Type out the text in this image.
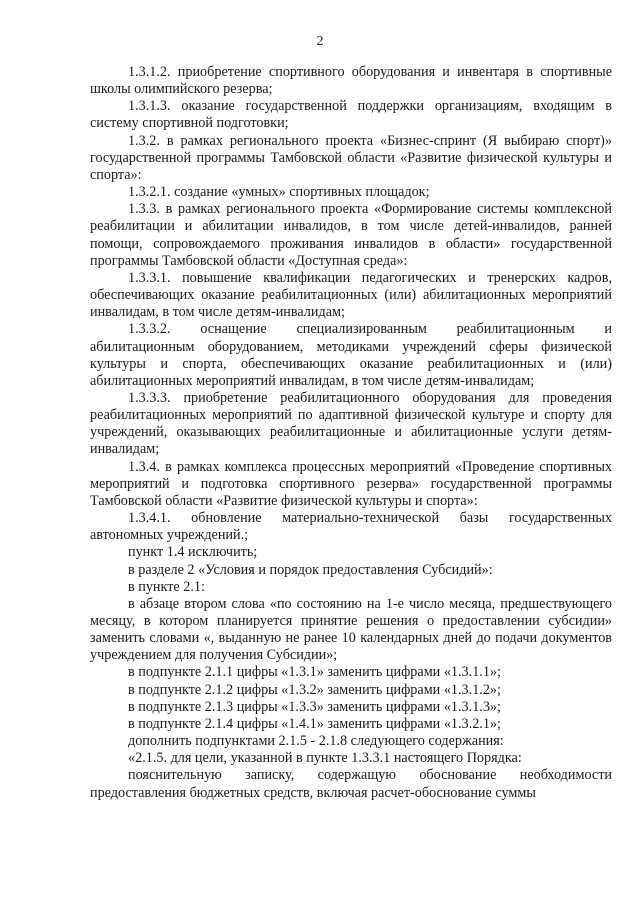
2

1.3.1.2. приобретение спортивного оборудования и инвентаря в спортивные школы олимпийского резерва;

1.3.1.3. оказание государственной поддержки организациям, входящим в систему спортивной подготовки;

1.3.2. в рамках регионального проекта «Бизнес-спринт (Я выбираю спорт)» государственной программы Тамбовской области «Развитие физической культуры и спорта»:

1.3.2.1. создание «умных» спортивных площадок;

1.3.3. в рамках регионального проекта «Формирование системы комплексной реабилитации и абилитации инвалидов, в том числе детей-инвалидов, ранней помощи, сопровождаемого проживания инвалидов в области» государственной программы Тамбовской области «Доступная среда»:

1.3.3.1. повышение квалификации педагогических и тренерских кадров, обеспечивающих оказание реабилитационных (или) абилитационных мероприятий инвалидам, в том числе детям-инвалидам;

1.3.3.2. оснащение специализированным реабилитационным и абилитационным оборудованием, методиками учреждений сферы физической культуры и спорта, обеспечивающих оказание реабилитационных и (или) абилитационных мероприятий инвалидам, в том числе детям-инвалидам;

1.3.3.3. приобретение реабилитационного оборудования для проведения реабилитационных мероприятий по адаптивной физической культуре и спорту для учреждений, оказывающих реабилитационные и абилитационные услуги детям-инвалидам;

1.3.4. в рамках комплекса процессных мероприятий «Проведение спортивных мероприятий и подготовка спортивного резерва» государственной программы Тамбовской области «Развитие физической культуры и спорта»:

1.3.4.1. обновление материально-технической базы государственных автономных учреждений.;

пункт 1.4 исключить;

в разделе 2 «Условия и порядок предоставления Субсидий»:

в пункте 2.1:

в абзаце втором слова «по состоянию на 1-е число месяца, предшествующего месяцу, в котором планируется принятие решения о предоставлении субсидии» заменить словами «, выданную не ранее 10 календарных дней до подачи документов учреждением для получения Субсидии»;

в подпункте 2.1.1 цифры «1.3.1» заменить цифрами «1.3.1.1»;

в подпункте 2.1.2 цифры «1.3.2» заменить цифрами «1.3.1.2»;

в подпункте 2.1.3 цифры «1.3.3» заменить цифрами «1.3.1.3»;

в подпункте 2.1.4 цифры «1.4.1» заменить цифрами «1.3.2.1»;

дополнить подпунктами 2.1.5 - 2.1.8 следующего содержания:

«2.1.5. для цели, указанной в пункте 1.3.3.1 настоящего Порядка:

пояснительную записку, содержащую обоснование необходимости предоставления бюджетных средств, включая расчет-обоснование суммы
